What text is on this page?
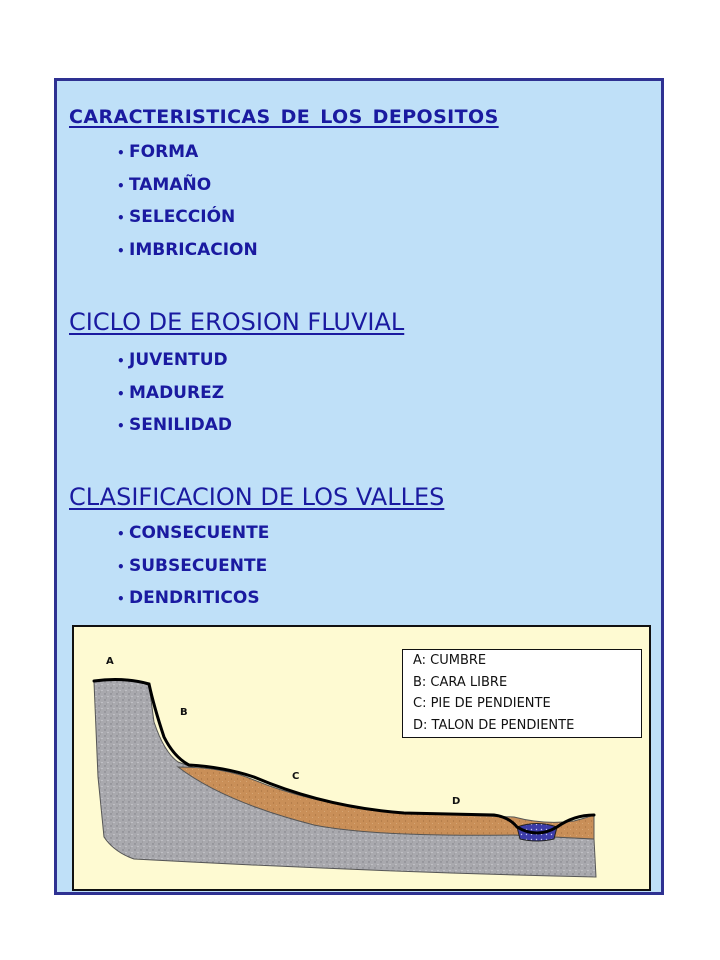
CARACTERISTICAS DE LOS DEPOSITOS
• FORMA
• TAMAÑO
• SELECCIÓN
• IMBRICACION
CICLO DE EROSION FLUVIAL
• JUVENTUD
• MADUREZ
• SENILIDAD
CLASIFICACION DE LOS VALLES
• CONSECUENTE
• SUBSECUENTE
• DENDRITICOS
A
B
C
D
A: CUMBRE
B: CARA LIBRE
C: PIE DE PENDIENTE
D: TALON DE PENDIENTE
